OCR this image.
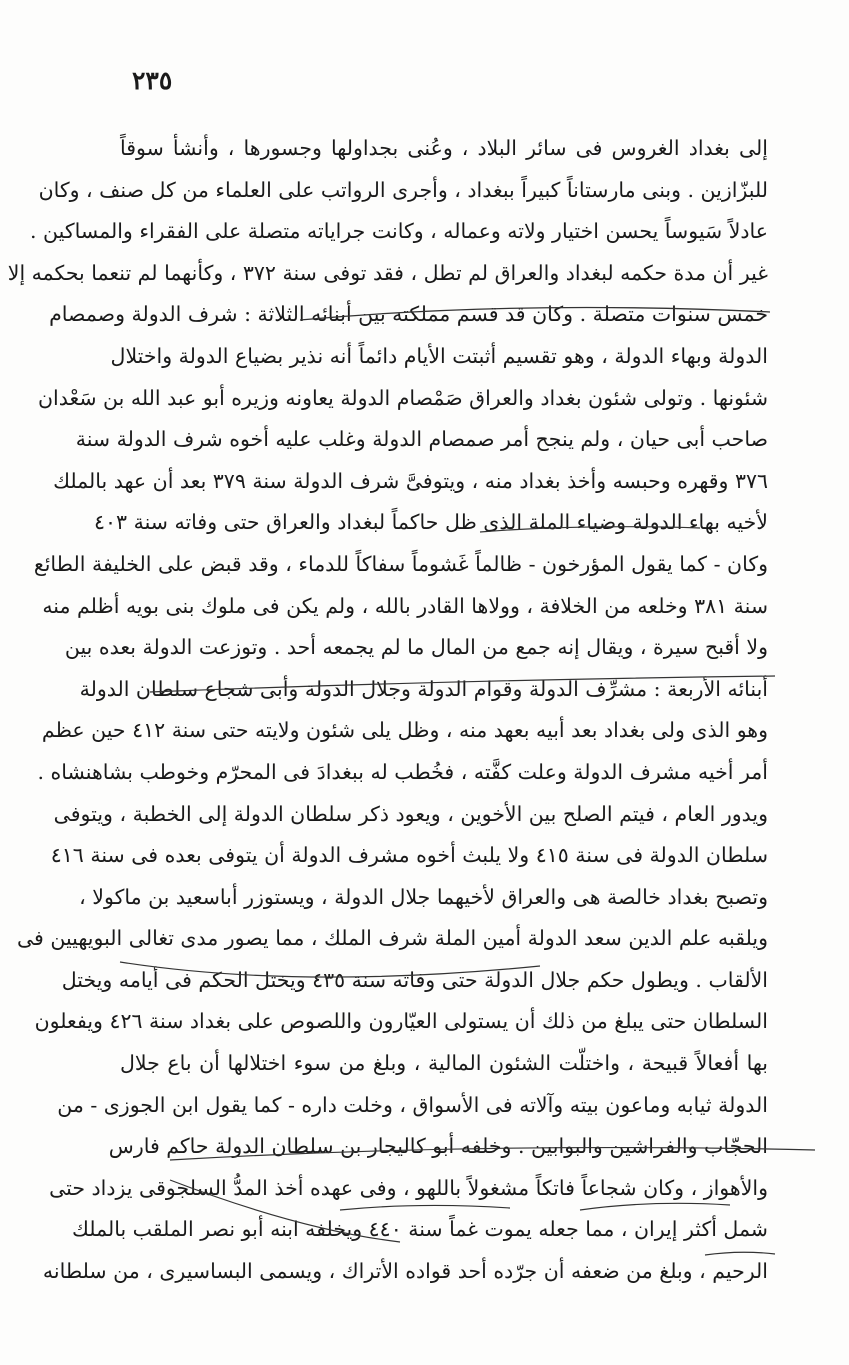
٢٣٥
إلى بغداد الغروس فى سائر البلاد ، وعُنى بجداولها وجسورها ، وأنشأ سوقاً
للبزّازين . وبنى مارستاناً كبيراً ببغداد ، وأجرى الرواتب على العلماء من كل صنف ، وكان
عادلاً سَيوساً يحسن اختيار ولاته وعماله ، وكانت جراياته متصلة على الفقراء والمساكين .
غير أن مدة حكمه لبغداد والعراق لم تطل ، فقد توفى سنة ٣٧٢ ، وكأنهما لم تنعما بحكمه إلا
خمس سنوات متصلة . وكان قد قسم مملكته بين أبنائه الثلاثة : شرف الدولة وصمصام
الدولة وبهاء الدولة ، وهو تقسيم أثبتت الأيام دائماً أنه نذير بضياع الدولة واختلال
شئونها . وتولى شئون بغداد والعراق صَمْصام الدولة يعاونه وزيره أبو عبد الله بن سَعْدان
صاحب أبى حيان ، ولم ينجح أمر صمصام الدولة وغلب عليه أخوه شرف الدولة سنة
٣٧٦ وقهره وحبسه وأخذ بغداد منه ، ويتوفىَّ شرف الدولة سنة ٣٧٩ بعد أن عهد بالملك
لأخيه بهاء الدولة وضياء الملة الذى ظل حاكماً لبغداد والعراق حتى وفاته سنة ٤٠٣
وكان - كما يقول المؤرخون - ظالماً غَشوماً سفاكاً للدماء ، وقد قبض على الخليفة الطائع
سنة ٣٨١ وخلعه من الخلافة ، وولاها القادر بالله ، ولم يكن فى ملوك بنى بويه أظلم منه
ولا أقبح سيرة ، ويقال إنه جمع من المال ما لم يجمعه أحد . وتوزعت الدولة بعده بين
أبنائه الأربعة : مشرِّف الدولة وقوام الدولة وجلال الدولة وأبى شجاع سلطان الدولة
وهو الذى ولى بغداد بعد أبيه بعهد منه ، وظل يلى شئون ولايته حتى سنة ٤١٢ حين عظم
أمر أخيه مشرف الدولة وعلت كفَّته ، فخُطب له ببغدادَ فى المحرّم وخوطب بشاهنشاه .
ويدور العام ، فيتم الصلح بين الأخوين ، ويعود ذكر سلطان الدولة إلى الخطبة ، ويتوفى
سلطان الدولة فى سنة ٤١٥ ولا يلبث أخوه مشرف الدولة أن يتوفى بعده فى سنة ٤١٦
وتصبح بغداد خالصة هى والعراق لأخيهما جلال الدولة ، ويستوزر أباسعيد بن ماكولا ،
ويلقبه علم الدين سعد الدولة أمين الملة شرف الملك ، مما يصور مدى تغالى البويهيين فى
الألقاب . ويطول حكم جلال الدولة حتى وفاته سنة ٤٣٥ ويختل الحكم فى أيامه ويختل
السلطان حتى يبلغ من ذلك أن يستولى العيّارون واللصوص على بغداد سنة ٤٢٦ ويفعلون
بها أفعالاً قبيحة ، واختلّت الشئون المالية ، وبلغ من سوء اختلالها أن باع جلال
الدولة ثيابه وماعون بيته وآلاته فى الأسواق ، وخلت داره - كما يقول ابن الجوزى - من
الحجّاب والفراشين والبوابين . وخلفه أبو كاليجار بن سلطان الدولة حاكم فارس
والأهواز ، وكان شجاعاً فاتكاً مشغولاً باللهو ، وفى عهده أخذ المدُّ السلجوقى يزداد حتى
شمل أكثر إيران ، مما جعله يموت غماً سنة ٤٤٠ ويخلفه ابنه أبو نصر الملقب بالملك
الرحيم ، وبلغ من ضعفه أن جرّده أحد قواده الأتراك ، ويسمى البساسيرى ، من سلطانه
